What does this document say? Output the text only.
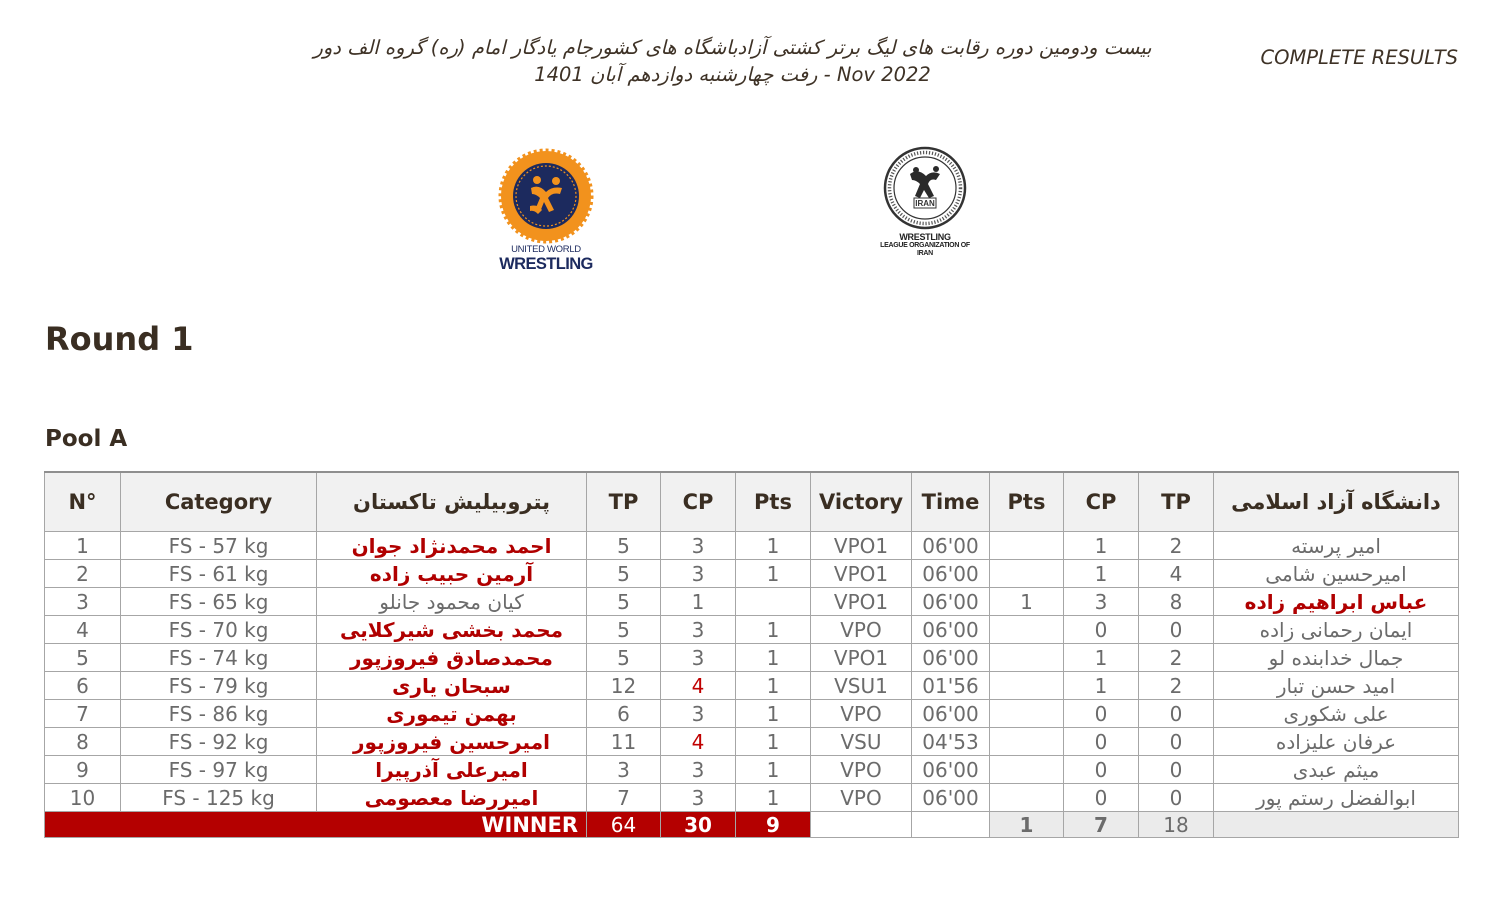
بیست ودومین دوره رقابت های لیگ برتر کشتی آزادباشگاه های کشورجام یادگار امام (ره) گروه الف دور
رفت چهارشنبه دوازدهم آبان 1401 - Nov 2022
COMPLETE RESULTS
UNITED WORLD
WRESTLING
IRAN
WRESTLING
LEAGUE ORGANIZATION OF
IRAN
Round 1
Pool A
N°	Category	پتروبیلیش تاکستان	TP	CP	Pts	Victory	Time	Pts	CP	TP	دانشگاه آزاد اسلامی
1	FS - 57 kg	احمد محمدنژاد جوان	5	3	1	VPO1	06'00		1	2	امیر پرسته
2	FS - 61 kg	آرمین حبیب زاده	5	3	1	VPO1	06'00		1	4	امیرحسین شامی
3	FS - 65 kg	کیان محمود جانلو	5	1		VPO1	06'00	1	3	8	عباس ابراهیم زاده
4	FS - 70 kg	محمد بخشی شیرکلایی	5	3	1	VPO	06'00		0	0	ایمان رحمانی زاده
5	FS - 74 kg	محمدصادق فیروزپور	5	3	1	VPO1	06'00		1	2	جمال خدابنده لو
6	FS - 79 kg	سبحان یاری	12	4	1	VSU1	01'56		1	2	امید حسن تبار
7	FS - 86 kg	بهمن تیموری	6	3	1	VPO	06'00		0	0	علی شکوری
8	FS - 92 kg	امیرحسین فیروزپور	11	4	1	VSU	04'53		0	0	عرفان علیزاده
9	FS - 97 kg	امیرعلی آذرپیرا	3	3	1	VPO	06'00		0	0	میثم عبدی
10	FS - 125 kg	امیررضا معصومی	7	3	1	VPO	06'00		0	0	ابوالفضل رستم پور
WINNER			64	30	9			1	7	18	
